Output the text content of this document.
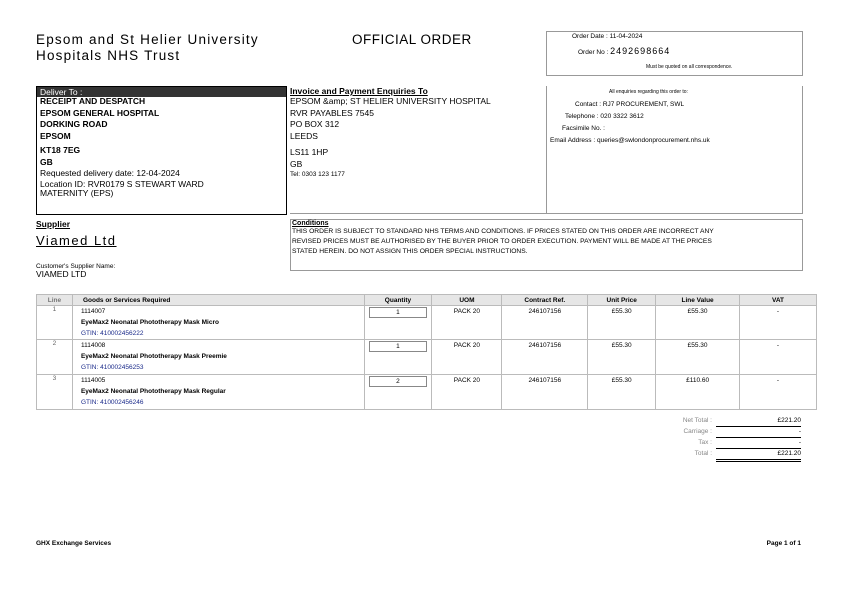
Epsom and St Helier University
Hospitals NHS Trust
OFFICIAL ORDER	Order Date : 11-04-2024
Order No : 2492698664
Must be quoted on all correspondence.
Deliver To :
RECEIPT AND DESPATCH
EPSOM GENERAL HOSPITAL
DORKING ROAD
EPSOM
KT18 7EG
GB
Requested delivery date: 12-04-2024
Location ID: RVR0179 S STEWART WARD
MATERNITY (EPS)
Invoice and Payment Enquiries To
EPSOM &amp; ST HELIER UNIVERSITY HOSPITAL
RVR PAYABLES 7545
PO BOX 312
LEEDS
LS11 1HP
GB
Tel: 0303 123 1177
All enquiries regarding this order to:
Contact : RJ7 PROCUREMENT, SWL
Telephone : 020 3322 3612
Facsimile No. :
Email Address : queries@swlondonprocurement.nhs.uk
Supplier
Viamed Ltd
Customer's Supplier Name:
VIAMED LTD
Conditions
THIS ORDER IS SUBJECT TO STANDARD NHS TERMS AND CONDITIONS. IF PRICES STATED ON THIS ORDER ARE INCORRECT ANY
REVISED PRICES MUST BE AUTHORISED BY THE BUYER PRIOR TO ORDER EXECUTION. PAYMENT WILL BE MADE AT THE PRICES
STATED HEREIN. DO NOT ASSIGN THIS ORDER SPECIAL INSTRUCTIONS.
Line	Goods or Services Required	Quantity	UOM	Contract Ref.	Unit Price	Line Value	VAT
1	1114007
EyeMax2 Neonatal Phototherapy Mask Micro
GTIN: 410002456222	1	PACK 20	246107156	£55.30	£55.30	-
2	1114008
EyeMax2 Neonatal Phototherapy Mask Preemie
GTIN: 410002456253	1	PACK 20	246107156	£55.30	£55.30	-
3	1114005
EyeMax2 Neonatal Phototherapy Mask Regular
GTIN: 410002456246	2	PACK 20	246107156	£55.30	£110.60	-
Net Total :	£221.20
Carriage :	-
Tax :	-
Total :	£221.20
GHX Exchange Services	Page 1 of 1
